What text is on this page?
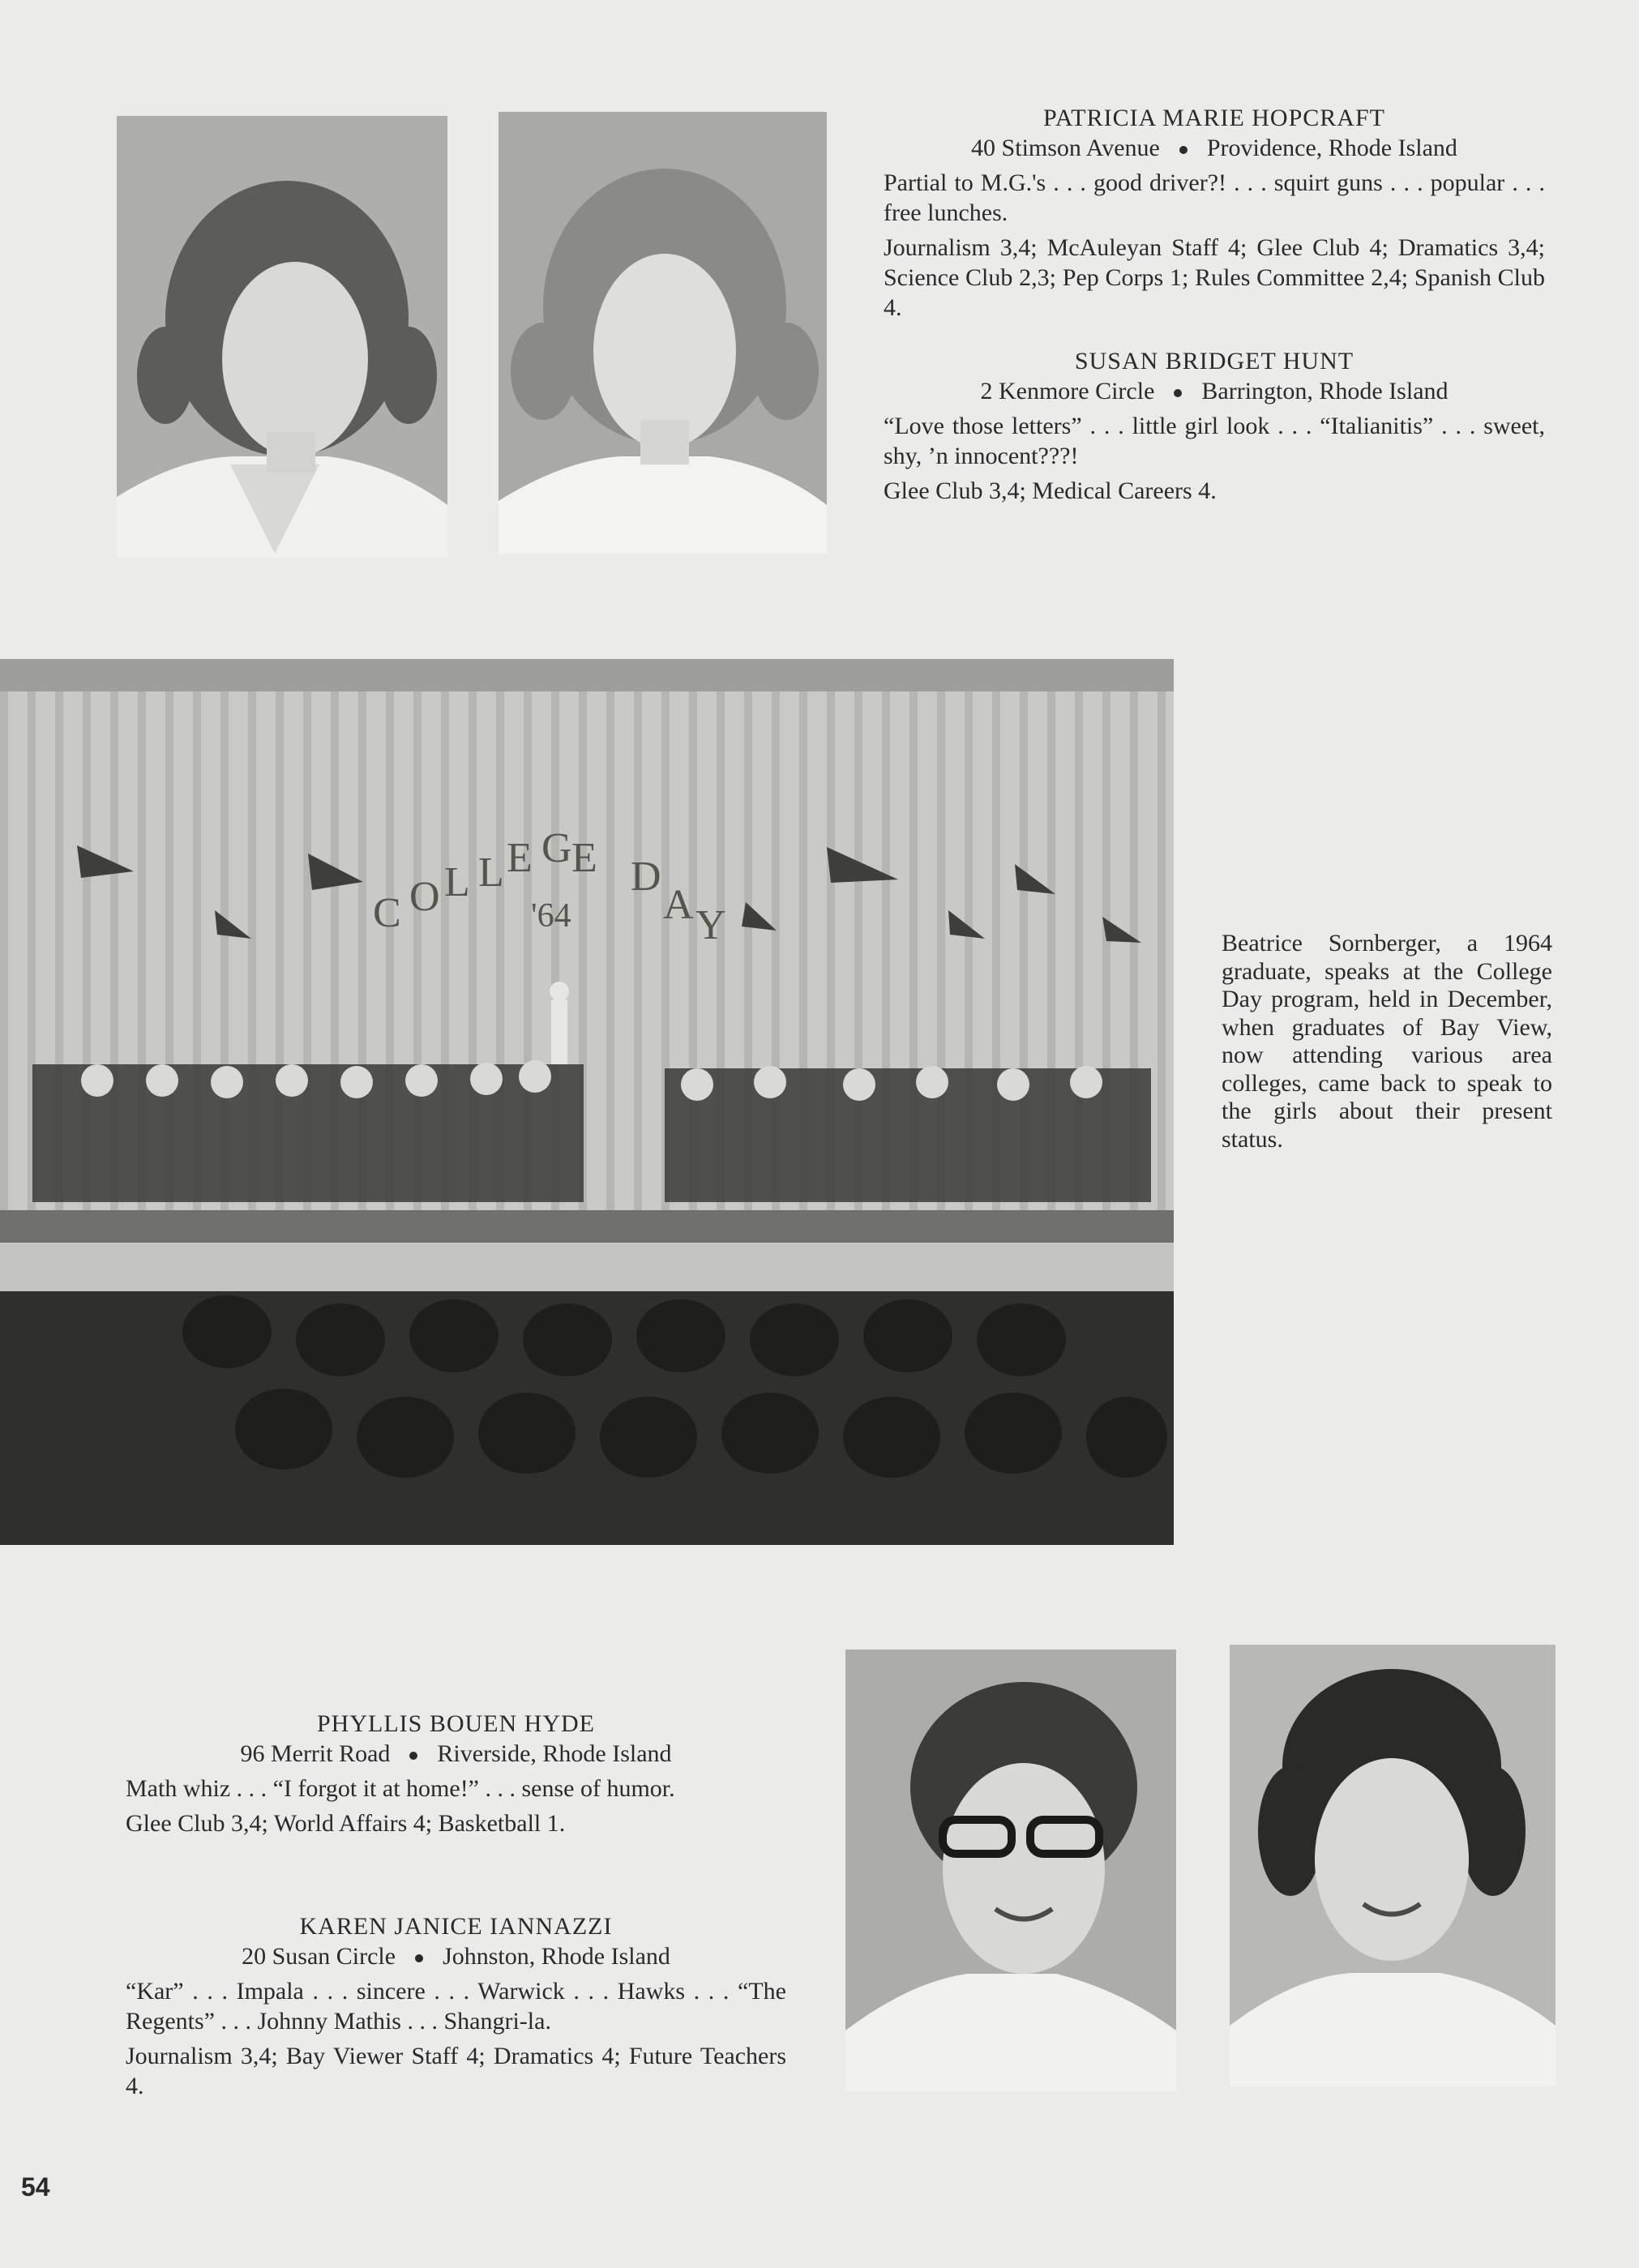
PATRICIA MARIE HOPCRAFT
40 Stimson Avenue Providence, Rhode Island

Partial to M.G.'s . . . good driver?! . . . squirt guns . . . popular . . . free lunches.

Journalism 3,4; McAuleyan Staff 4; Glee Club 4; Dramatics 3,4; Science Club 2,3; Pep Corps 1; Rules Committee 2,4; Spanish Club 4.

SUSAN BRIDGET HUNT
2 Kenmore Circle Barrington, Rhode Island

“Love those letters” . . . little girl look . . . “Italianitis” . . . sweet, shy, ’n innocent???!

Glee Club 3,4; Medical Careers 4.

C O L L E G E D
A Y
'64
Beatrice Sornberger, a 1964 graduate, speaks at the College Day program, held in December, when graduates of Bay View, now attending various area colleges, came back to speak to the girls about their present status.
PHYLLIS BOUEN HYDE
96 Merrit Road Riverside, Rhode Island

Math whiz . . . “I forgot it at home!” . . . sense of humor.

Glee Club 3,4; World Affairs 4; Basketball 1.

KAREN JANICE IANNAZZI
20 Susan Circle Johnston, Rhode Island

“Kar” . . . Impala . . . sincere . . . Warwick . . . Hawks . . . “The Regents” . . . Johnny Mathis . . . Shangri-la.

Journalism 3,4; Bay Viewer Staff 4; Dramatics 4; Future Teachers 4.

54
